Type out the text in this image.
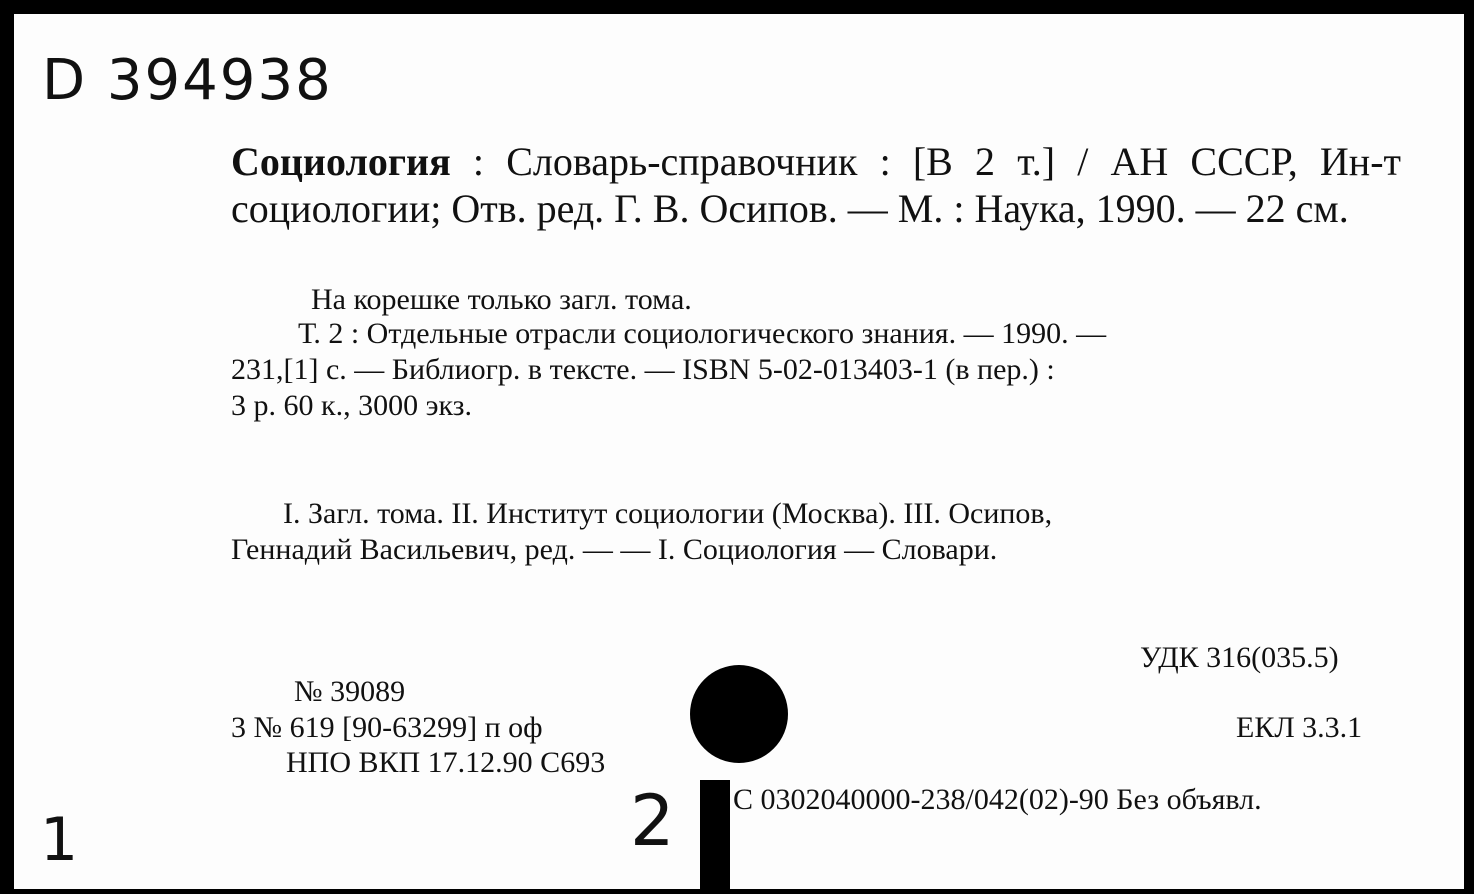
D 394938
Социология : Словарь-справочник : [В 2 т.] / АН СССР, Ин-т социологии; Отв. ред. Г. В. Осипов. — М. : Наука, 1990. — 22 см.
На корешке только загл. тома.
Т. 2 : Отдельные отрасли социологического знания. — 1990. —
231,[1] с. — Библиогр. в тексте. — ISBN 5-02-013403-1 (в пер.) :
3 р. 60 к., 3000 экз.
I. Загл. тома. II. Институт социологии (Москва). III. Осипов,
Геннадий Васильевич, ред. — — I. Социология — Словари.
УДК 316(035.5)
№ 39089
3 № 619 [90-63299] п оф	ЕКЛ 3.3.1
НПО ВКП 17.12.90 С693
С 0302040000-238/042(02)-90 Без объявл.
1	2
